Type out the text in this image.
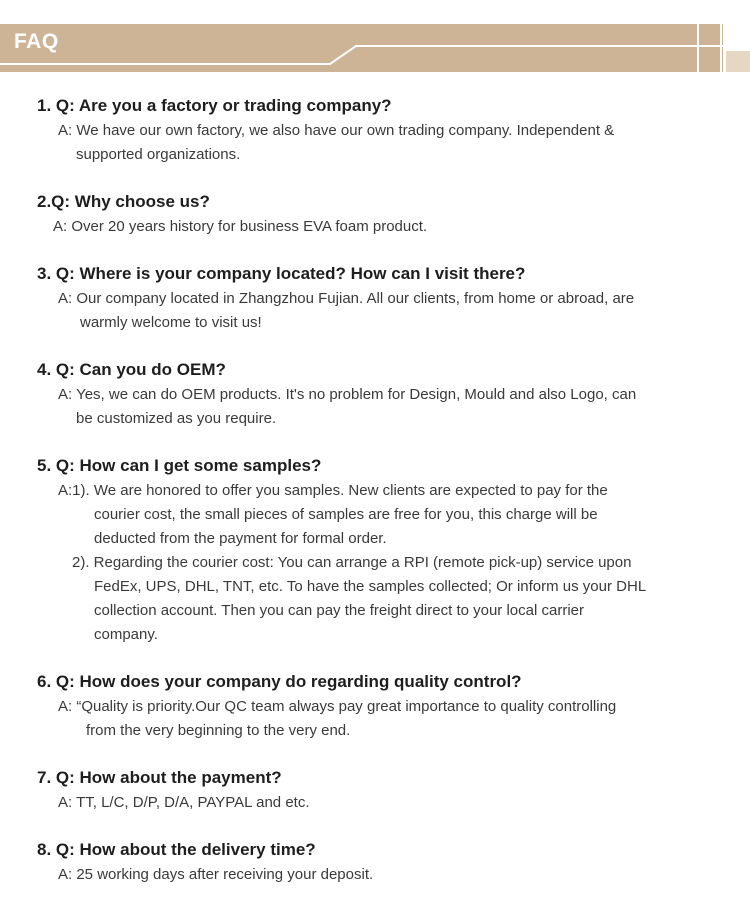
FAQ
1. Q: Are you a factory or trading company?
A: We have our own factory, we also have our own trading company. Independent &
supported organizations.
2.Q: Why choose us?
A: Over 20 years history for business EVA foam product.
3. Q: Where is your company located? How can I visit there?
A: Our company located in Zhangzhou Fujian. All our clients, from home or abroad, are
warmly welcome to visit us!
4. Q: Can you do OEM?
A: Yes, we can do OEM products. It's no problem for Design, Mould and also Logo, can
be customized as you require.
5. Q: How can I get some samples?
A:1). We are honored to offer you samples. New clients are expected to pay for the
courier cost, the small pieces of samples are free for you, this charge will be
deducted from the payment for formal order.
2). Regarding the courier cost: You can arrange a RPI (remote pick-up) service upon
FedEx, UPS, DHL, TNT, etc. To have the samples collected; Or inform us your DHL
collection account. Then you can pay the freight direct to your local carrier
company.
6. Q: How does your company do regarding quality control?
A: “Quality is priority.Our QC team always pay great importance to quality controlling
from the very beginning to the very end.
7. Q: How about the payment?
A: TT, L/C, D/P, D/A, PAYPAL and etc.
8. Q: How about the delivery time?
A: 25 working days after receiving your deposit.
